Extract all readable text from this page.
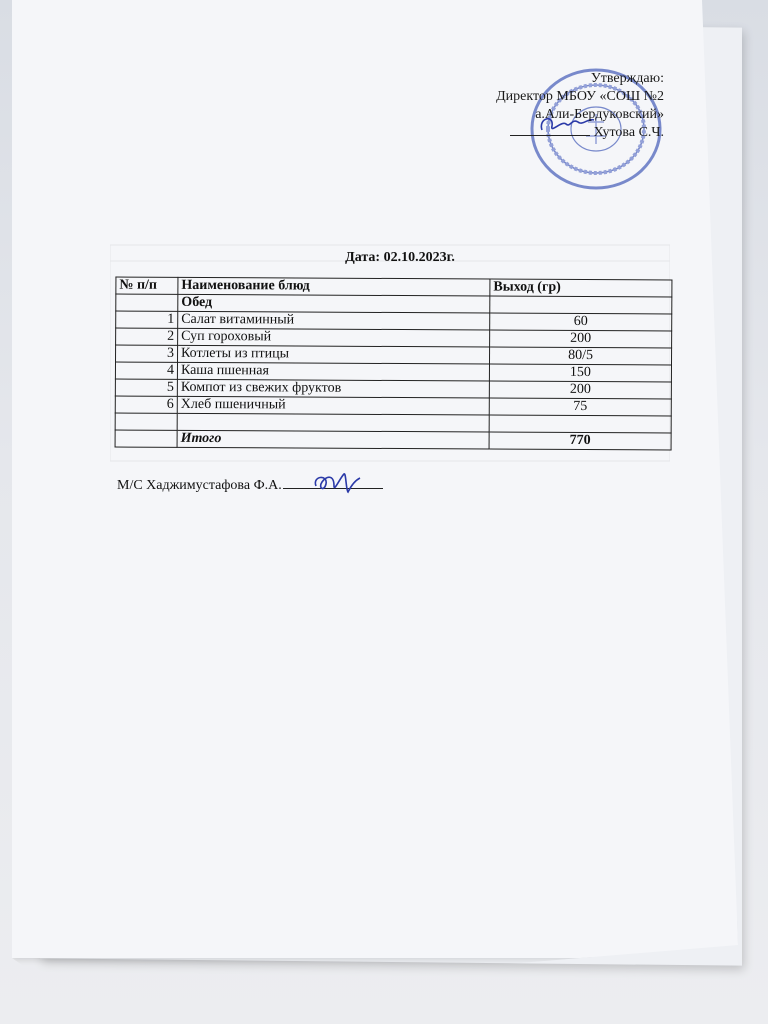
Утверждаю:
Директор МБОУ «СОШ №2
а.Али-Бердуковский»
Хутова С.Ч.
Дата: 02.10.2023г.
№ п/п	Наименование блюд	Выход (гр)
	Обед	
1	Салат витаминный	60
2	Суп гороховый	200
3	Котлеты из птицы	80/5
4	Каша пшенная	150
5	Компот из свежих фруктов	200
6	Хлеб пшеничный	75

	Итого	770
М/С Хаджимустафова Ф.А.
